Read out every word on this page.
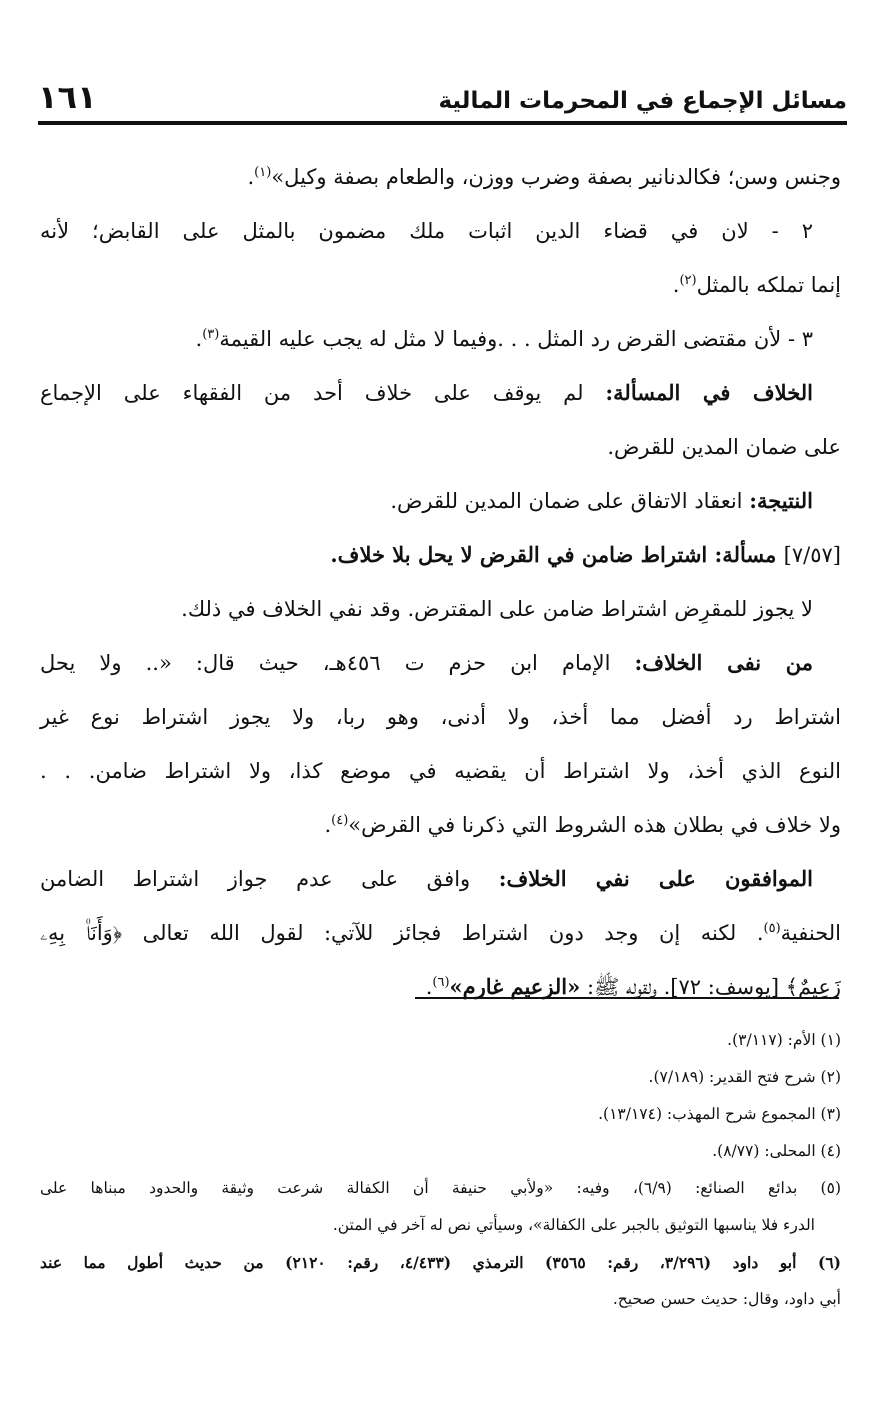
مسائل الإجماع في المحرمات المالية
١٦١

وجنس وسن؛ فكالدنانير بصفة وضرب ووزن، والطعام بصفة وكيل»$^{(١)}$.

٢ - لان في قضاء الدين اثبات ملك مضمون بالمثل على القابض؛ لأنه

إنما تملكه بالمثل$^{(٢)}$.

٣ - لأن مقتضى القرض رد المثل . . .وفيما لا مثل له يجب عليه القيمة$^{(٣)}$.

الخلاف في المسألة: لم يوقف على خلاف أحد من الفقهاء على الإجماع

على ضمان المدين للقرض.

النتيجة: انعقاد الاتفاق على ضمان المدين للقرض.

[٧/٥٧] مسألة: اشتراط ضامن في القرض لا يحل بلا خلاف.

لا يجوز للمقرِض اشتراط ضامن على المقترض. وقد نفي الخلاف في ذلك.

من نفى الخلاف: الإمام ابن حزم ت ٤٥٦هـ، حيث قال: «.. ولا يحل

اشتراط رد أفضل مما أخذ، ولا أدنى، وهو ربا، ولا يجوز اشتراط نوع غير

النوع الذي أخذ، ولا اشتراط أن يقضيه في موضع كذا، ولا اشتراط ضامن. . .

ولا خلاف في بطلان هذه الشروط التي ذكرنا في القرض»$^{(٤)}$.

الموافقون على نفي الخلاف: وافق على عدم جواز اشتراط الضامن

الحنفية$^{(٥)}$. لكنه إن وجد دون اشتراط فجائز للآتي: لقول الله تعالى ﴿وَأَنَا۠ بِهِۦ

زَعِيمٌ﴾ [يوسف: ٧٢]. ولقوله ﷺ: «الزعيم غارم»$^{(٦)}$.

(١) الأم: (٣/١١٧).

(٢) شرح فتح القدير: (٧/١٨٩).

(٣) المجموع شرح المهذب: (١٣/١٧٤).

(٤) المحلى: (٨/٧٧).

(٥) بدائع الصنائع: (٦/٩)، وفيه: «ولأبي حنيفة أن الكفالة شرعت وثيقة والحدود مبناها على

الدرء فلا يناسبها التوثيق بالجبر على الكفالة»، وسيأتي نص له آخر في المتن.

(٦) أبو داود (٣/٢٩٦، رقم: ٣٥٦٥) الترمذي (٤/٤٣٣، رقم: ٢١٢٠) من حديث أطول مما عند

أبي داود، وقال: حديث حسن صحيح.
